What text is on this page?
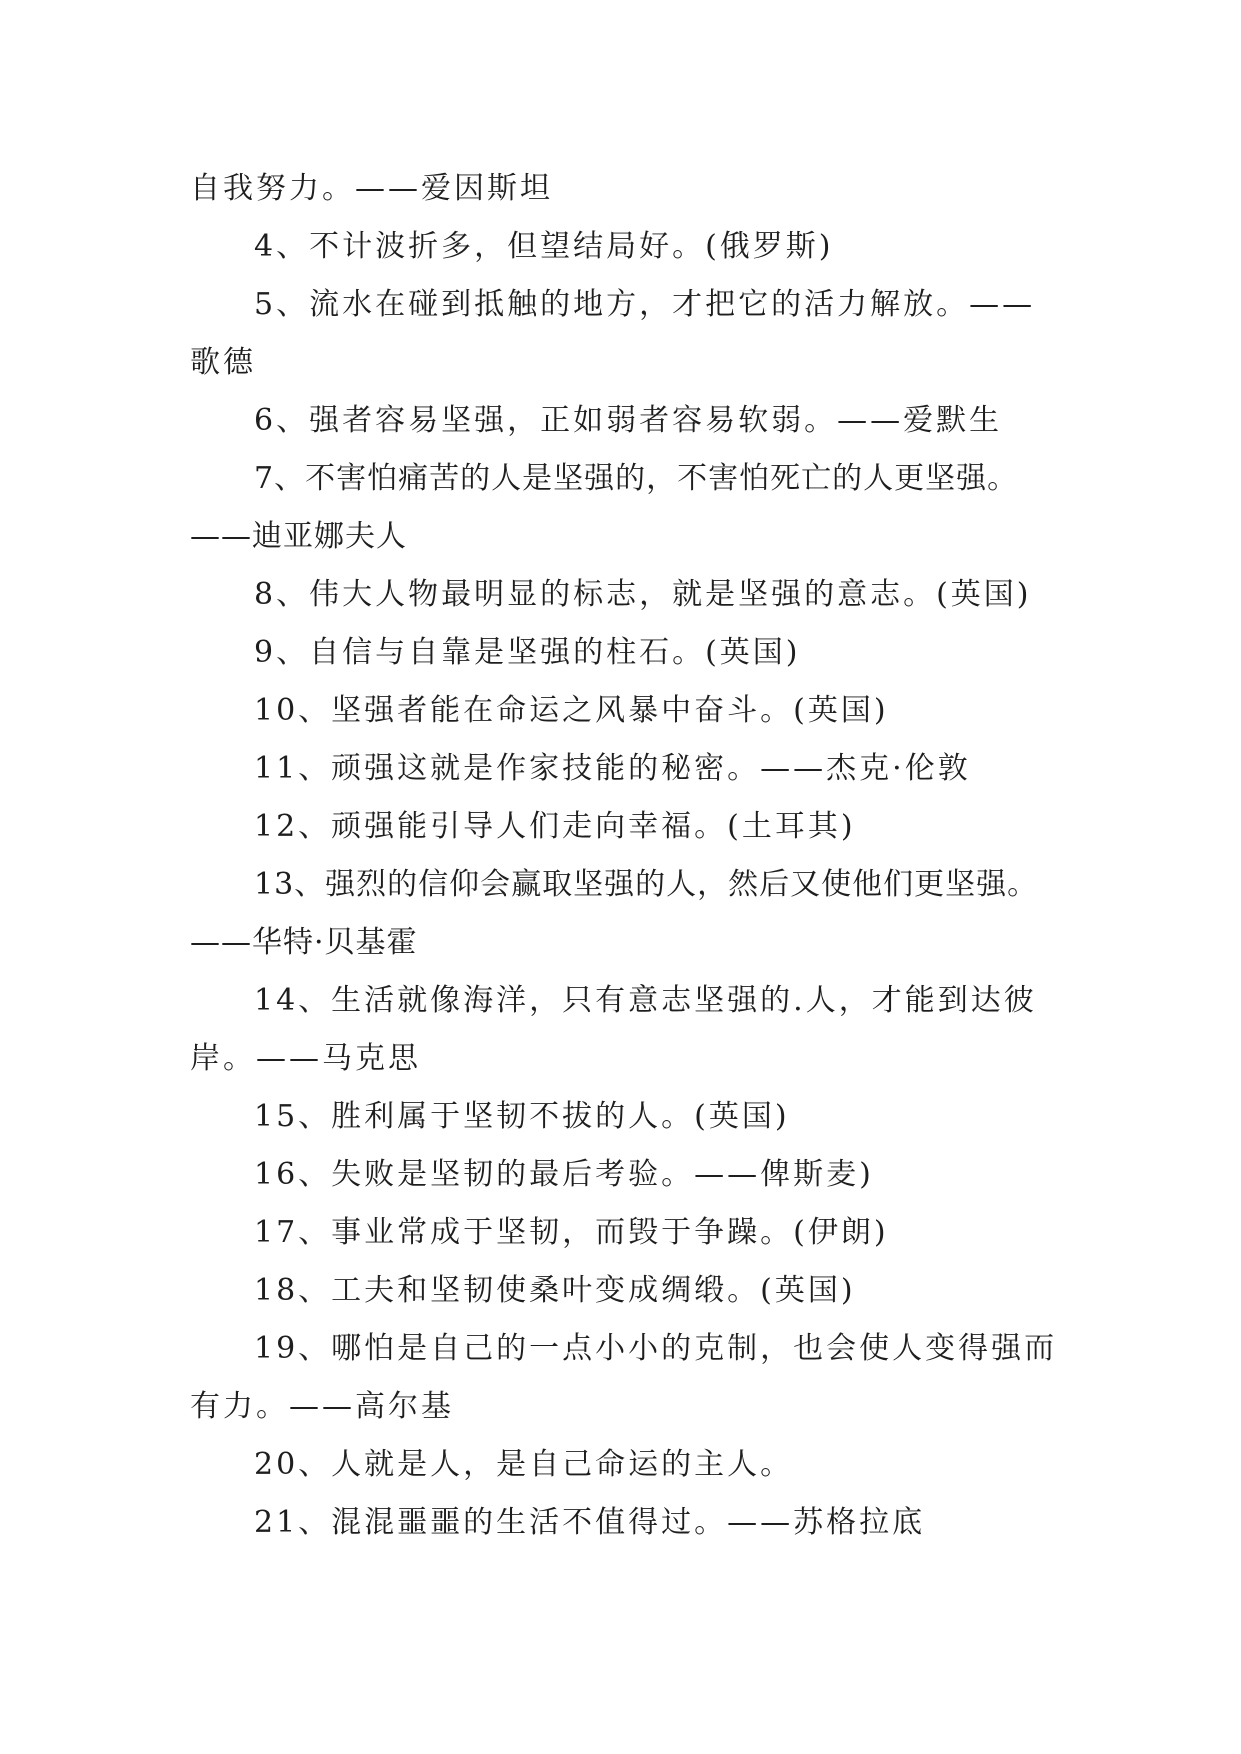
自我努力。——爱因斯坦

4、不计波折多，但望结局好。(俄罗斯)

5、流水在碰到抵触的地方，才把它的活力解放。——歌德

6、强者容易坚强，正如弱者容易软弱。——爱默生

7、不害怕痛苦的人是坚强的，不害怕死亡的人更坚强。——迪亚娜夫人

8、伟大人物最明显的标志，就是坚强的意志。(英国)

9、自信与自靠是坚强的柱石。(英国)

10、坚强者能在命运之风暴中奋斗。(英国)

11、顽强这就是作家技能的秘密。——杰克·伦敦

12、顽强能引导人们走向幸福。(土耳其)

13、强烈的信仰会赢取坚强的人，然后又使他们更坚强。——华特·贝基霍

14、生活就像海洋，只有意志坚强的.人，才能到达彼岸。——马克思

15、胜利属于坚韧不拔的人。(英国)

16、失败是坚韧的最后考验。——俾斯麦)

17、事业常成于坚韧，而毁于争躁。(伊朗)

18、工夫和坚韧使桑叶变成绸缎。(英国)

19、哪怕是自己的一点小小的克制，也会使人变得强而有力。——高尔基

20、人就是人，是自己命运的主人。

21、混混噩噩的生活不值得过。——苏格拉底
